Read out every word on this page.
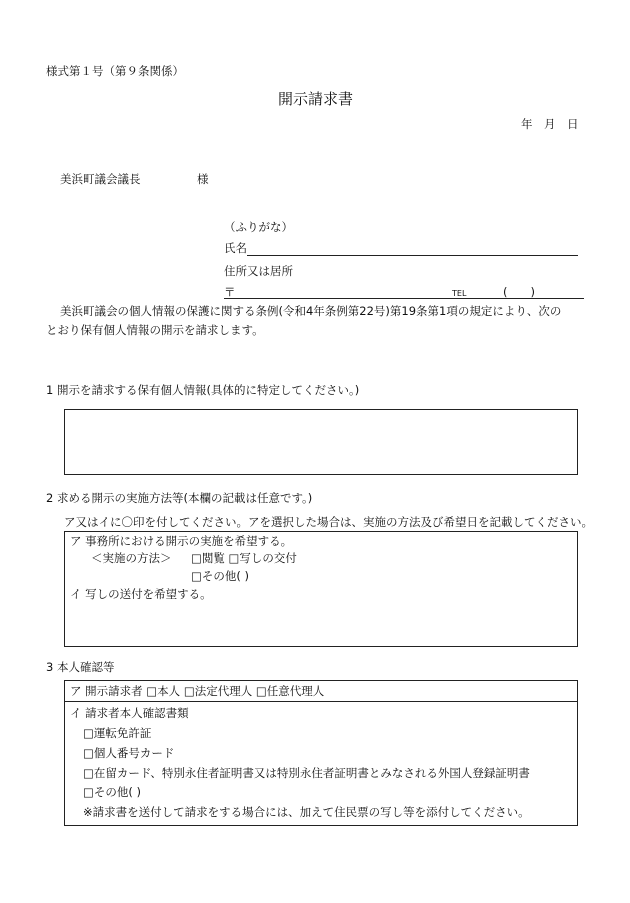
様式第１号（第９条関係）
開示請求書
年　月　日
美浜町議会議長	様
（ふりがな）
氏名
住所又は居所
〒	TEL	(　　)
美浜町議会の個人情報の保護に関する条例(令和4年条例第22号)第19条第1項の規定により、次の
とおり保有個人情報の開示を請求します。
1 開示を請求する保有個人情報(具体的に特定してください。)
2 求める開示の実施方法等(本欄の記載は任意です。)
ア又はイに〇印を付してください。アを選択した場合は、実施の方法及び希望日を記載してください。
ア 事務所における開示の実施を希望する。
＜実施の方法＞ □閲覧 □写しの交付
□その他( )
イ 写しの送付を希望する。
3 本人確認等
ア 開示請求者 □本人 □法定代理人 □任意代理人
イ 請求者本人確認書類
□運転免許証
□個人番号カード
□在留カード、特別永住者証明書又は特別永住者証明書とみなされる外国人登録証明書
□その他( )
※請求書を送付して請求をする場合には、加えて住民票の写し等を添付してください。
